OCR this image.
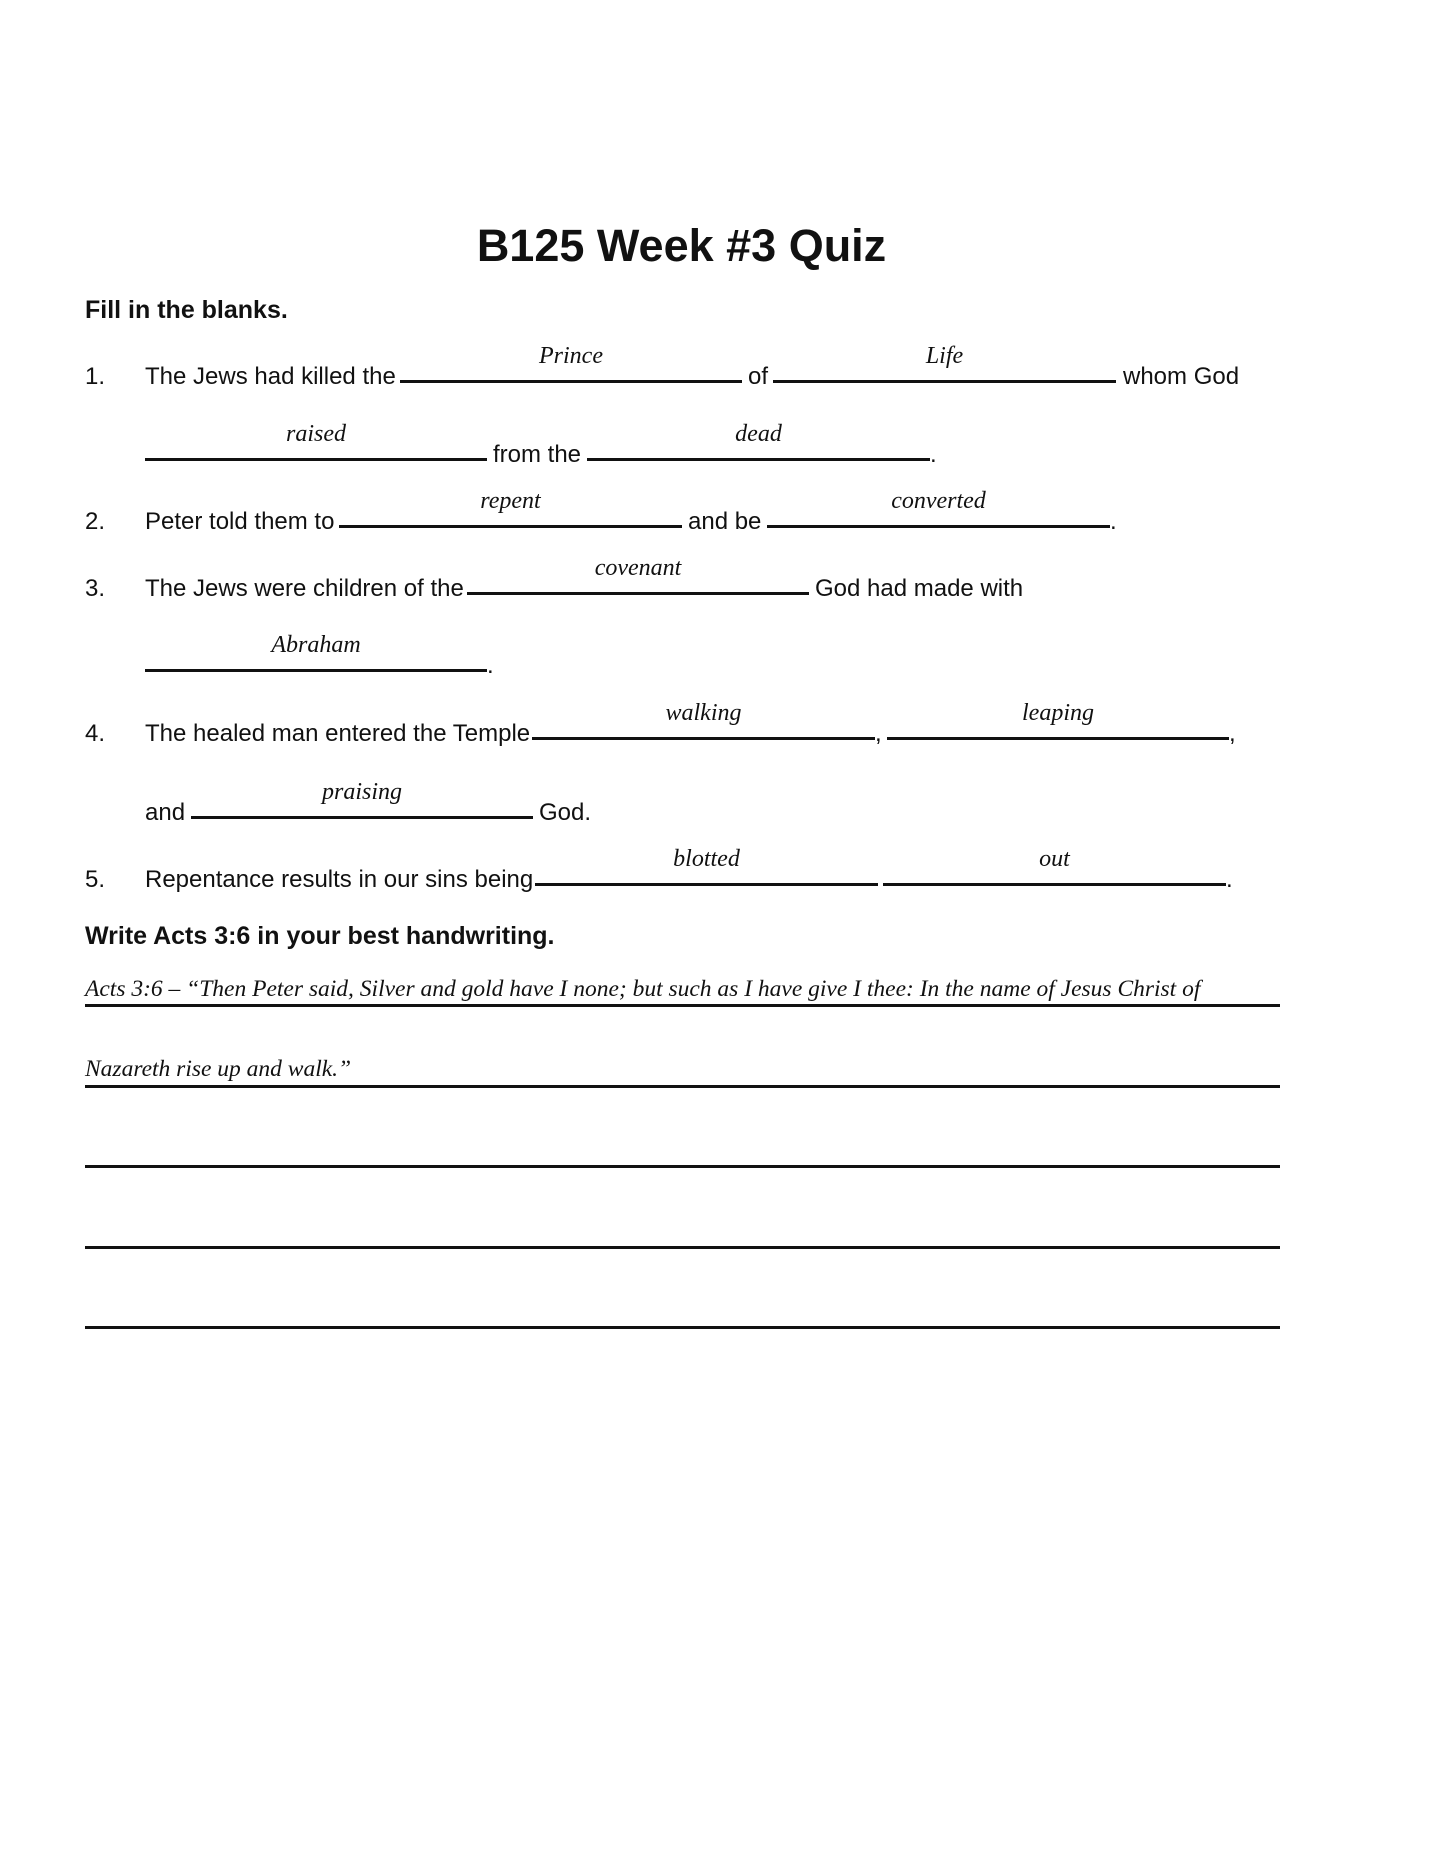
B125 Week #3 Quiz
Fill in the blanks.
1. The Jews had killed the
Prince
of
Life
whom God
raised
from the
dead
.
2. Peter told them to
repent
and be
converted
.
3. The Jews were children of the
covenant
God had made with
Abraham
.
4. The healed man entered the Temple
walking
,
leaping
,
and
praising
God.
5. Repentance results in our sins being
blotted	out
.
Write Acts 3:6 in your best handwriting.
Acts 3:6 – “Then Peter said, Silver and gold have I none; but such as I have give I thee: In the name of Jesus Christ of
Nazareth rise up and walk.”
